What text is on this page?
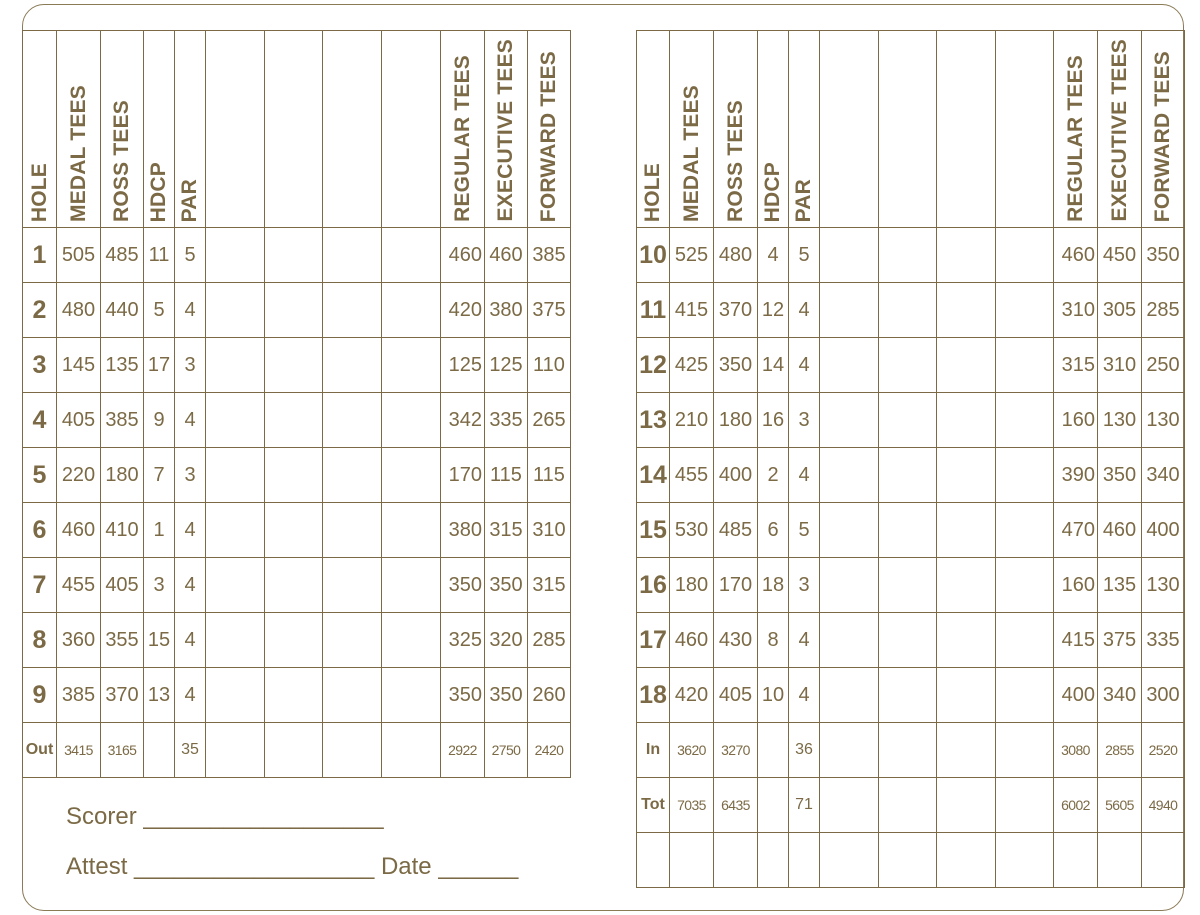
HOLE	MEDAL TEES	ROSS TEES	HDCP	PAR					REGULAR TEES	EXECUTIVE TEES	FORWARD TEES
1	505	485	11	5					460	460	385
2	480	440	5	4					420	380	375
3	145	135	17	3					125	125	110
4	405	385	9	4					342	335	265
5	220	180	7	3					170	115	115
6	460	410	1	4					380	315	310
7	455	405	3	4					350	350	315
8	360	355	15	4					325	320	285
9	385	370	13	4					350	350	260
Out	3415	3165		35					2922	2750	2420
HOLE	MEDAL TEES	ROSS TEES	HDCP	PAR					REGULAR TEES	EXECUTIVE TEES	FORWARD TEES
10	525	480	4	5					460	450	350
11	415	370	12	4					310	305	285
12	425	350	14	4					315	310	250
13	210	180	16	3					160	130	130
14	455	400	2	4					390	350	340
15	530	485	6	5					470	460	400
16	180	170	18	3					160	135	130
17	460	430	8	4					415	375	335
18	420	405	10	4					400	340	300
In	3620	3270		36					3080	2855	2520
Tot	7035	6435		71					6002	5605	4940

Scorer __________________
Attest __________________ Date ______
